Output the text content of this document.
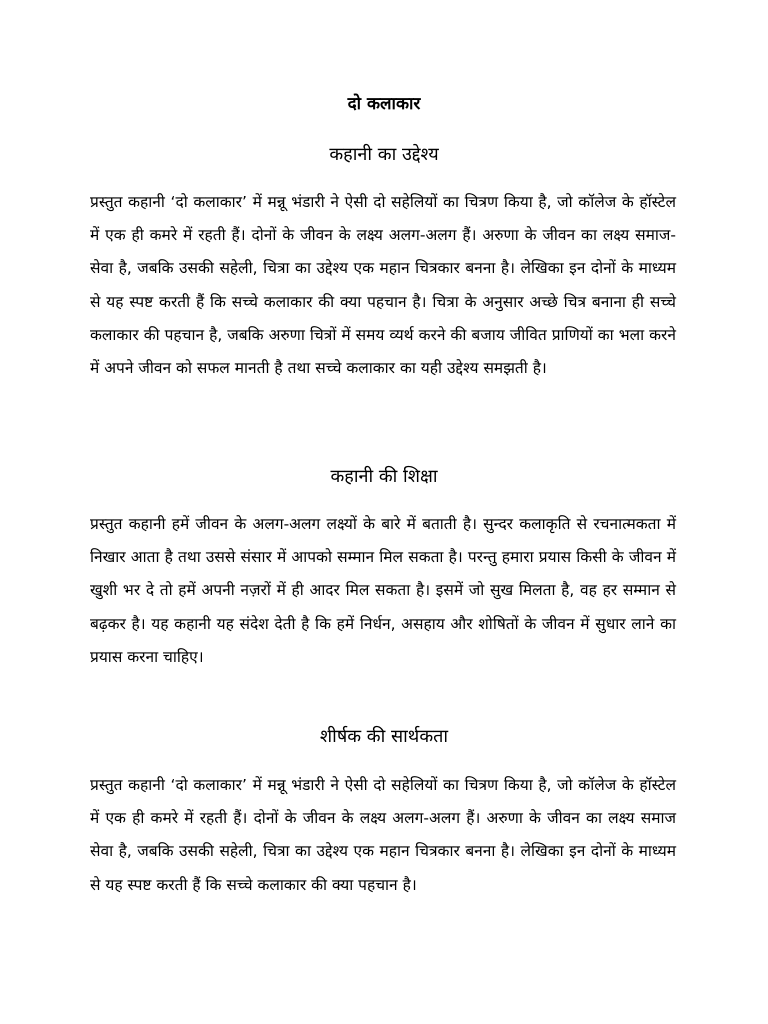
दो कलाकार
कहानी का उद्देश्य

प्रस्तुत कहानी ‘दो कलाकार’ में मन्नू भंडारी ने ऐसी दो सहेलियों का चित्रण किया है, जो कॉलेज के हॉस्टेल में एक ही कमरे में रहती हैं। दोनों के जीवन के लक्ष्य अलग-अलग हैं। अरुणा के जीवन का लक्ष्य समाज-सेवा है, जबकि उसकी सहेली, चित्रा का उद्देश्य एक महान चित्रकार बनना है। लेखिका इन दोनों के माध्यम से यह स्पष्ट करती हैं कि सच्चे कलाकार की क्या पहचान है। चित्रा के अनुसार अच्छे चित्र बनाना ही सच्चे कलाकार की पहचान है, जबकि अरुणा चित्रों में समय व्यर्थ करने की बजाय जीवित प्राणियों का भला करने में अपने जीवन को सफल मानती है तथा सच्चे कलाकार का यही उद्देश्य समझती है।

कहानी की शिक्षा

प्रस्तुत कहानी हमें जीवन के अलग-अलग लक्ष्यों के बारे में बताती है। सुन्दर कलाकृति से रचनात्मकता में निखार आता है तथा उससे संसार में आपको सम्मान मिल सकता है। परन्तु हमारा प्रयास किसी के जीवन में खुशी भर दे तो हमें अपनी नज़रों में ही आदर मिल सकता है। इसमें जो सुख मिलता है, वह हर सम्मान से बढ़कर है। यह कहानी यह संदेश देती है कि हमें निर्धन, असहाय और शोषितों के जीवन में सुधार लाने का प्रयास करना चाहिए।

शीर्षक की सार्थकता

प्रस्तुत कहानी ‘दो कलाकार’ में मन्नू भंडारी ने ऐसी दो सहेलियों का चित्रण किया है, जो कॉलेज के हॉस्टेल में एक ही कमरे में रहती हैं। दोनों के जीवन के लक्ष्य अलग-अलग हैं। अरुणा के जीवन का लक्ष्य समाज सेवा है, जबकि उसकी सहेली, चित्रा का उद्देश्य एक महान चित्रकार बनना है। लेखिका इन दोनों के माध्यम से यह स्पष्ट करती हैं कि सच्चे कलाकार की क्या पहचान है।
